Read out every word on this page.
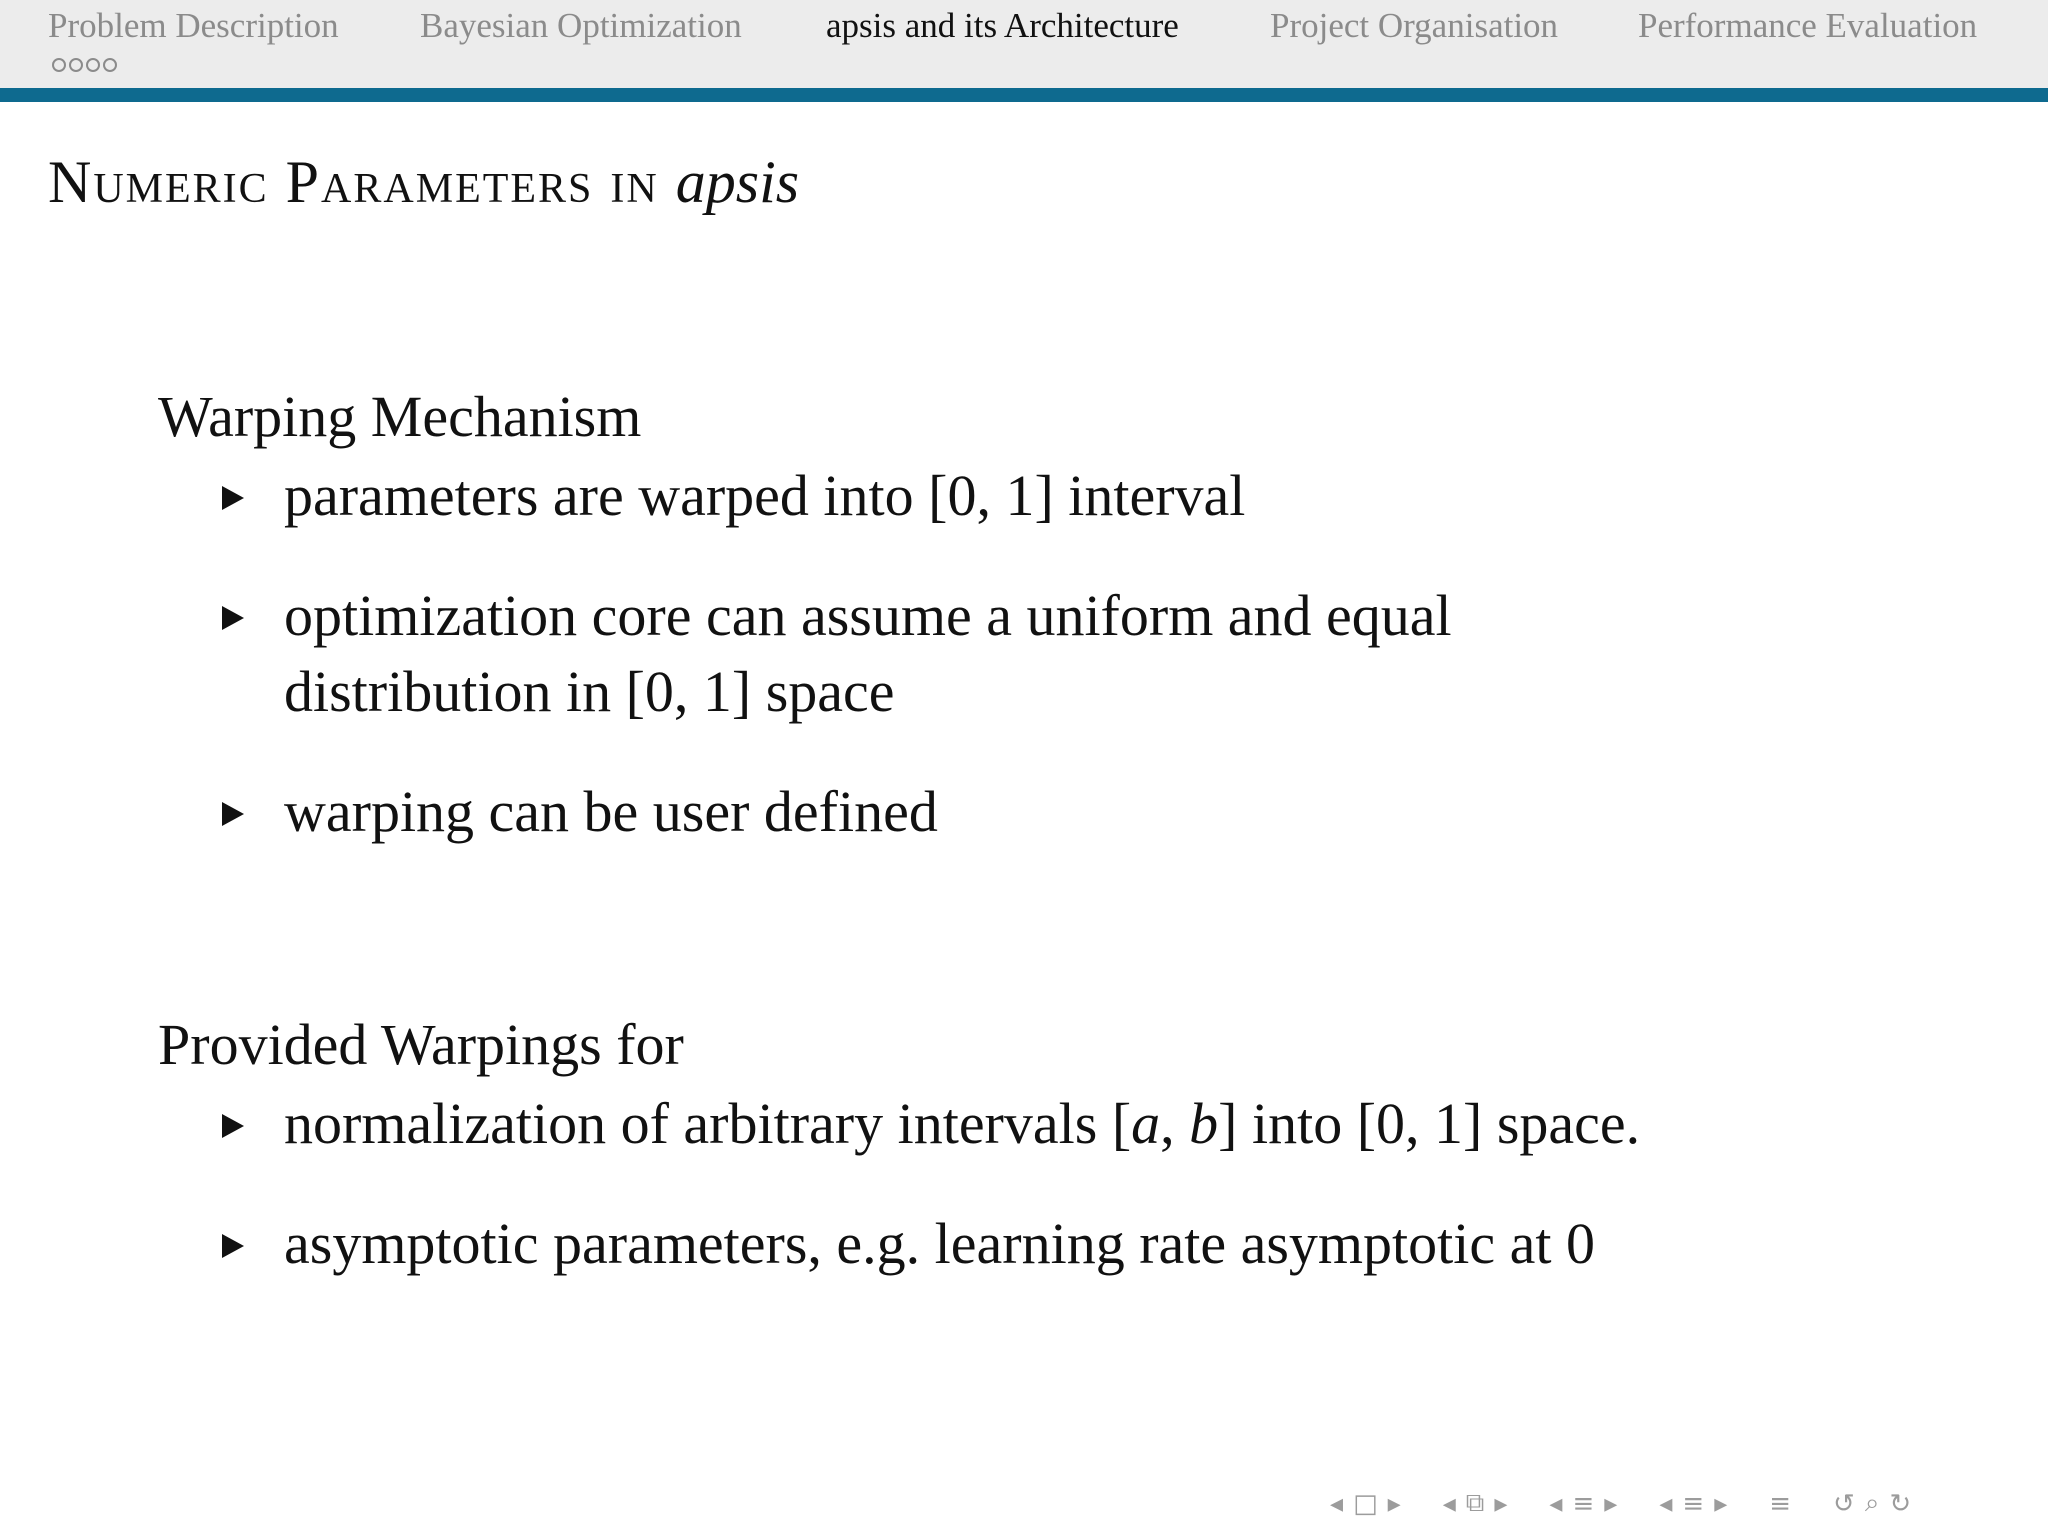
Problem Description Bayesian Optimization apsis and its Architecture	Project Organisation Performance Evaluation
Numeric Parameters in apsis
Warping Mechanism
parameters are warped into [0, 1] interval
optimization core can assume a uniform and equal distribution in [0, 1] space
warping can be user defined
Provided Warpings for
normalization of arbitrary intervals [a, b] into [0, 1] space.
asymptotic parameters, e.g. learning rate asymptotic at 0
◂ □ ▸ ◂ ⧉ ▸ ◂ ≡ ▸ ◂ ≡ ▸ ≡ ↺ ⌕ ↻
